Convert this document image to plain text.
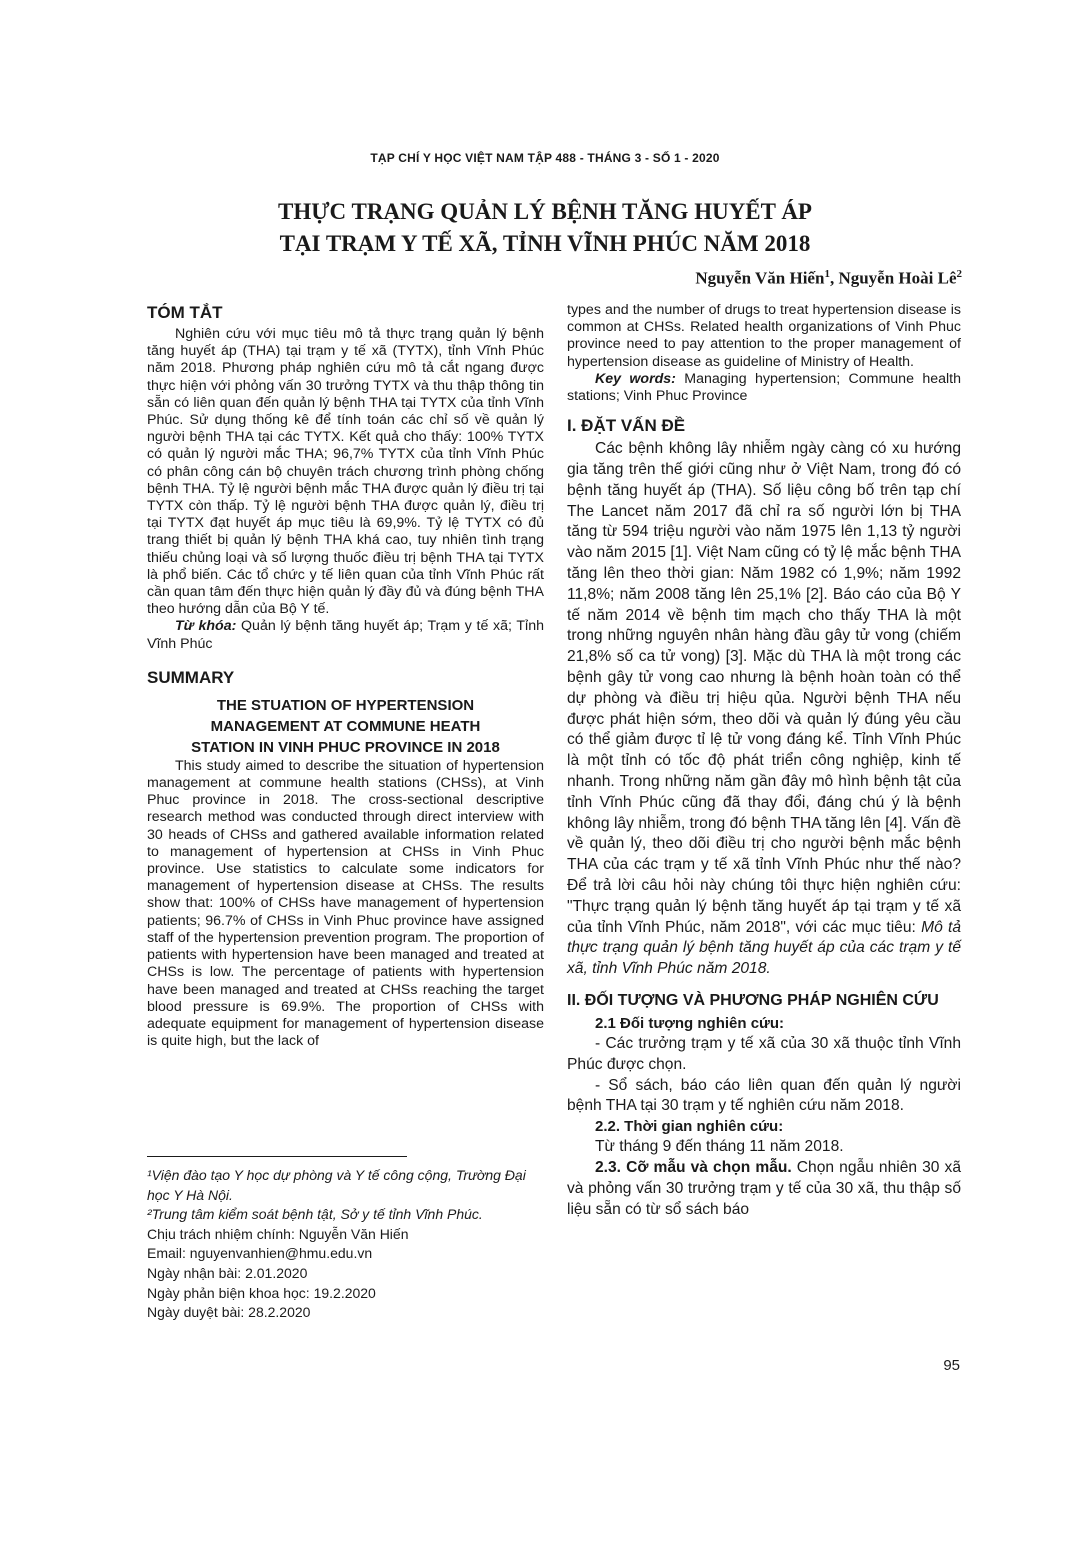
TẠP CHÍ Y HỌC VIỆT NAM TẬP 488 - THÁNG 3 - SỐ 1 - 2020
THỰC TRẠNG QUẢN LÝ BỆNH TĂNG HUYẾT ÁP
TẠI TRẠM Y TẾ XÃ, TỈNH VĨNH PHÚC NĂM 2018
Nguyễn Văn Hiến$^1$, Nguyễn Hoài $Lê^2$
TÓM TẮT

Nghiên cứu với mục tiêu mô tả thực trạng quản lý bệnh tăng huyết áp (THA) tại trạm y tế xã (TYTX), tỉnh Vĩnh Phúc năm 2018. Phương pháp nghiên cứu mô tả cắt ngang được thực hiện với phỏng vấn 30 trưởng TYTX và thu thập thông tin sẵn có liên quan đến quản lý bệnh THA tại TYTX của tỉnh Vĩnh Phúc. Sử dụng thống kê để tính toán các chỉ số về quản lý người bệnh THA tại các TYTX. Kết quả cho thấy: 100% TYTX có quản lý người mắc THA; 96,7% TYTX của tỉnh Vĩnh Phúc có phân công cán bộ chuyên trách chương trình phòng chống bệnh THA. Tỷ lệ người bệnh mắc THA được quản lý điều trị tại TYTX còn thấp. Tỷ lệ người bệnh THA được quản lý, điều trị tại TYTX đạt huyết áp mục tiêu là 69,9%. Tỷ lệ TYTX có đủ trang thiết bị quản lý bệnh THA khá cao, tuy nhiên tình trạng thiếu chủng loại và số lượng thuốc điều trị bệnh THA tại TYTX là phổ biến. Các tổ chức y tế liên quan của tỉnh Vĩnh Phúc rất cần quan tâm đến thực hiện quản lý đầy đủ và đúng bệnh THA theo hướng dẫn của Bộ Y tế.

Từ khóa: Quản lý bệnh tăng huyết áp; Trạm y tế xã; Tỉnh Vĩnh Phúc

SUMMARY
THE STUATION OF HYPERTENSION
MANAGEMENT AT COMMUNE HEATH
STATION IN VINH PHUC PROVINCE IN 2018

This study aimed to describe the situation of hypertension management at commune health stations (CHSs), at Vinh Phuc province in 2018. The cross-sectional descriptive research method was conducted through direct interview with 30 heads of CHSs and gathered available information related to management of hypertension at CHSs in Vinh Phuc province. Use statistics to calculate some indicators for management of hypertension disease at CHSs. The results show that: 100% of CHSs have management of hypertension patients; 96.7% of CHSs in Vinh Phuc province have assigned staff of the hypertension prevention program. The proportion of patients with hypertension have been managed and treated at CHSs is low. The percentage of patients with hypertension have been managed and treated at CHSs reaching the target blood pressure is 69.9%. The proportion of CHSs with adequate equipment for management of hypertension disease is quite high, but the lack of

¹Viện đào tạo Y học dự phòng và Y tế công cộng, Trường Đại học Y Hà Nội.
²Trung tâm kiểm soát bệnh tật, Sở y tế tỉnh Vĩnh Phúc.
Chịu trách nhiệm chính: Nguyễn Văn Hiến
Email: nguyenvanhien@hmu.edu.vn
Ngày nhận bài: 2.01.2020
Ngày phản biện khoa học: 19.2.2020
Ngày duyệt bài: 28.2.2020

types and the number of drugs to treat hypertension disease is common at CHSs. Related health organizations of Vinh Phuc province need to pay attention to the proper management of hypertension disease as guideline of Ministry of Health.

Key words: Managing hypertension; Commune health stations; Vinh Phuc Province

I. ĐẶT VẤN ĐỀ

Các bệnh không lây nhiễm ngày càng có xu hướng gia tăng trên thế giới cũng như ở Việt Nam, trong đó có bệnh tăng huyết áp (THA). Số liệu công bố trên tạp chí The Lancet năm 2017 đã chỉ ra số người lớn bị THA tăng từ 594 triệu người vào năm 1975 lên 1,13 tỷ người vào năm 2015 [1]. Việt Nam cũng có tỷ lệ mắc bệnh THA tăng lên theo thời gian: Năm 1982 có 1,9%; năm 1992 11,8%; năm 2008 tăng lên 25,1% [2]. Báo cáo của Bộ Y tế năm 2014 về bệnh tim mạch cho thấy THA là một trong những nguyên nhân hàng đầu gây tử vong (chiếm 21,8% số ca tử vong) [3]. Mặc dù THA là một trong các bệnh gây tử vong cao nhưng là bệnh hoàn toàn có thể dự phòng và điều trị hiệu qủa. Người bệnh THA nếu được phát hiện sớm, theo dõi và quản lý đúng yêu cầu có thể giảm được tỉ lệ tử vong đáng kể. Tỉnh Vĩnh Phúc là một tỉnh có tốc độ phát triển công nghiệp, kinh tế nhanh. Trong những năm gần đây mô hình bệnh tật của tỉnh Vĩnh Phúc cũng đã thay đổi, đáng chú ý là bệnh không lây nhiễm, trong đó bệnh THA tăng lên [4]. Vấn đề về quản lý, theo dõi điều trị cho người bệnh mắc bệnh THA của các trạm y tế xã tỉnh Vĩnh Phúc như thế nào? Để trả lời câu hỏi này chúng tôi thực hiện nghiên cứu: "Thực trạng quản lý bệnh tăng huyết áp tại trạm y tế xã của tỉnh Vĩnh Phúc, năm 2018", với các mục tiêu: Mô tả thực trạng quản lý bệnh tăng huyết áp của các trạm y tế xã, tỉnh Vĩnh Phúc năm 2018.

II. ĐỐI TƯỢNG VÀ PHƯƠNG PHÁP NGHIÊN CỨU
2.1 Đối tượng nghiên cứu:

- Các trưởng trạm y tế xã của 30 xã thuộc tỉnh Vĩnh Phúc được chọn.

- Sổ sách, báo cáo liên quan đến quản lý người bệnh THA tại 30 trạm y tế nghiên cứu năm 2018.

2.2. Thời gian nghiên cứu:

Từ tháng 9 đến tháng 11 năm 2018.

2.3. Cỡ mẫu và chọn mẫu. Chọn ngẫu nhiên 30 xã và phỏng vấn 30 trưởng trạm y tế của 30 xã, thu thập số liệu sẵn có từ sổ sách báo

95
